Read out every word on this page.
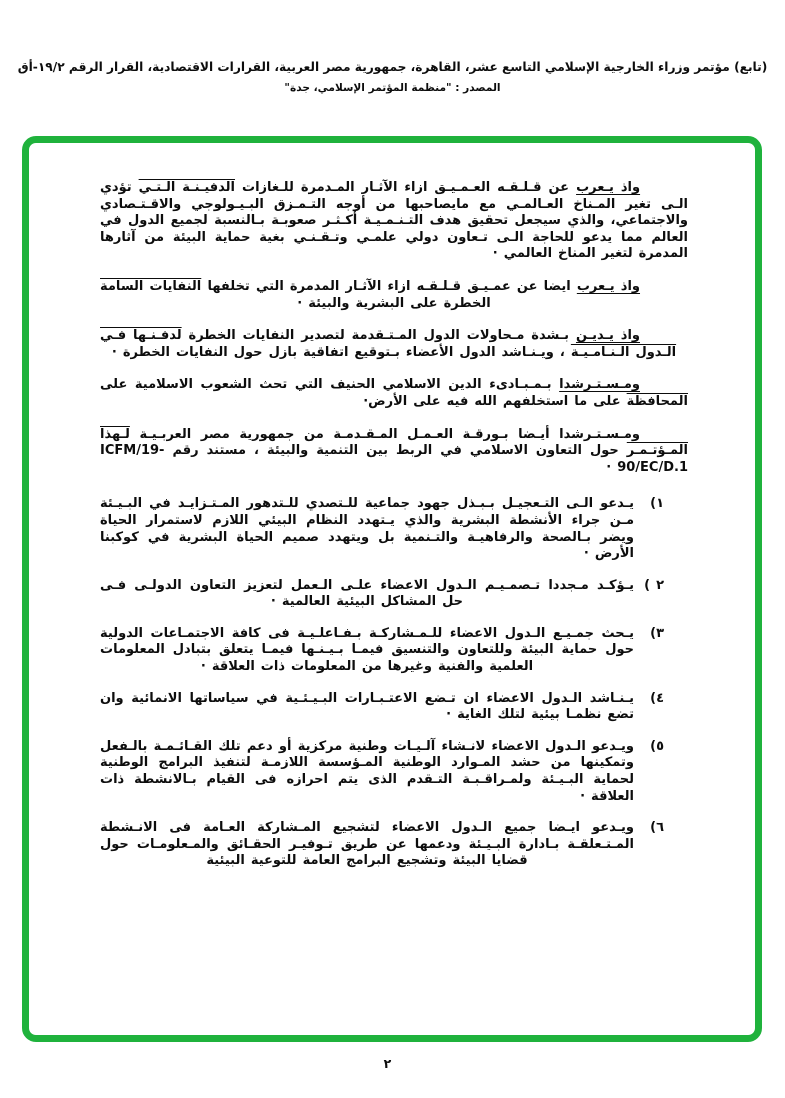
(تابع) مؤتمر وزراء الخارجية الإسلامي التاسع عشر، القاهرة، جمهورية مصر العربية، القرارات الاقتصادية، القرار الرقم ١٩/٢-أق
المصدر : "منظمة المؤتمر الإسلامي، جدة"

واذ يـعرب عن قـلـقـه العـمـيـق ازاء الآثـار المـدمرة للـغازات الدفيـنـة الـتـي تؤدي الـى تغير المـناخ العـالمـي مع مايصاحبها من أوجه التـمـزق البـيـولوجي والاقـتـصادي والاجتماعي، والذي سيجعل تحقيق هدف التـنـمـيـة أكـثـر صعوبـة بـالنسبة لجميع الدول في العالم مما يدعو للحاجة الـى تـعاون دولي علمـي وتـقـنـي بغية حماية البيئة من آثارها المدمرة لتغير المناخ العالمي ·

واذ يـعرب ايضا عن عمـيـق قـلـقـه ازاء الآثـار المدمرة التي تخلفها النفايات السامة الخطرة على البشرية والبيئة ·

واذ يـديـن بـشدة مـحاولات الدول المـتـقدمة لتصدير النفايات الخطرة لدفـنـها فـي الـدول الـنـامـيـة ، ويـنـاشد الدول الأعضاء بـتوقيع اتفاقية بازل حول النفايات الخطرة ·

ومـسـتـرشدا بـمـبـادىء الدين الاسلامي الحنيف التي تحث الشعوب الاسلامية على المحافظة على ما استخلفهم الله فيه على الأرض·

ومـسـتـرشدا أيـضا بـورقـة العـمـل المـقـدمـة من جمهورية مصر العربـيـة لـهذا المـؤتـمـر حول التعاون الاسلامي في الربط بين التنمية والبيئة ، مستند رقم ICFM/19-90/EC/D.1 ·

١)
يـدعو الـى التـعجيـل بـبـذل جهود جماعية للـتصدي للـتدهور المـتـزايـد في البـيـئة مـن جراء الأنشطة البشرية والذي يـتهدد النظام البيئي اللازم لاستمرار الحياة ويضر بـالصحة والرفاهيـة والتـنمية بل ويتهدد صميم الحياة البشرية في كوكبنا الأرض ·
٢ )
يـؤكـد مـجددا تـصمـيـم الـدول الاعضاء علـى الـعمل لتعزيز التعاون الدولـى فـى حل المشاكل البيئية العالمية ·
٣)
يـحث جمـيـع الـدول الاعضاء للـمـشاركـة بـفـاعلـيـة فى كافة الاجتمـاعات الدولية حول حماية البيئة وللتعاون والتنسيق فيمـا بـيـنـها فيمـا يتعلق بتبادل المعلومات العلمية والفنية وغيرها من المعلومات ذات العلاقة ·
٤)
يـنـاشد الـدول الاعضاء ان تـضع الاعتـبـارات البـيـئـية في سياساتها الانمائية وان تضع نظمـا بيئية لتلك الغاية ·
٥)
ويـدعو الـدول الاعضاء لانـشاء آلـيـات وطنية مركزية أو دعم تلك القـائـمـة بالـفعل وتمكينها من حشد المـوارد الوطنية المـؤسسة اللازمـة لتنفيذ البرامج الوطنية لحماية البـيـئة ولمـراقـبـة التـقدم الذى يتم احرازه فى القيام بـالانشطة ذات العلاقة ·
٦)
ويـدعو ايـضا جميع الـدول الاعضاء لتشجيع المـشاركة العـامة فى الانـشطة المـتـعلقـة بـادارة البـيـئة ودعمها عن طريق تـوفيـر الحقـائق والمـعلومـات حول قضايا البيئة وتشجيع البرامج العامة للتوعية البيئية
٢
